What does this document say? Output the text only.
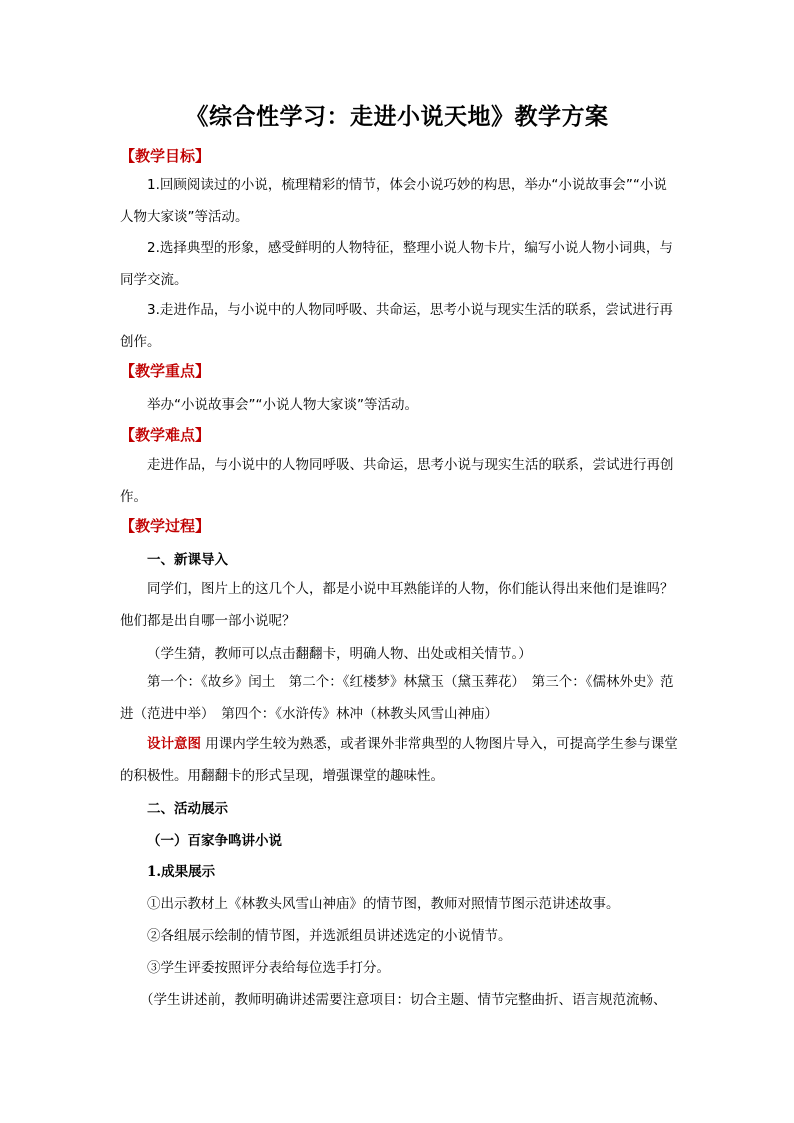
《综合性学习：走进小说天地》教学方案
【教学目标】

1.回顾阅读过的小说，梳理精彩的情节，体会小说巧妙的构思，举办“小说故事会”“小说人物大家谈”等活动。

2.选择典型的形象，感受鲜明的人物特征，整理小说人物卡片，编写小说人物小词典，与同学交流。

3.走进作品，与小说中的人物同呼吸、共命运，思考小说与现实生活的联系，尝试进行再创作。

【教学重点】
举办“小说故事会”“小说人物大家谈”等活动。
【教学难点】

走进作品，与小说中的人物同呼吸、共命运，思考小说与现实生活的联系，尝试进行再创作。

【教学过程】
一、新课导入

同学们，图片上的这几个人，都是小说中耳熟能详的人物，你们能认得出来他们是谁吗？他们都是出自哪一部小说呢？

（学生猜，教师可以点击翻翻卡，明确人物、出处或相关情节。）

第一个：《故乡》闰土　第二个：《红楼梦》林黛玉（黛玉葬花）　第三个：《儒林外史》范进（范进中举）　第四个：《水浒传》林冲（林教头风雪山神庙）

设计意图 用课内学生较为熟悉，或者课外非常典型的人物图片导入，可提高学生参与课堂的积极性。用翻翻卡的形式呈现，增强课堂的趣味性。

二、活动展示
（一）百家争鸣讲小说
1.成果展示
①出示教材上《林教头风雪山神庙》的情节图，教师对照情节图示范讲述故事。
②各组展示绘制的情节图，并选派组员讲述选定的小说情节。
③学生评委按照评分表给每位选手打分。
（学生讲述前，教师明确讲述需要注意项目：切合主题、情节完整曲折、语言规范流畅、
